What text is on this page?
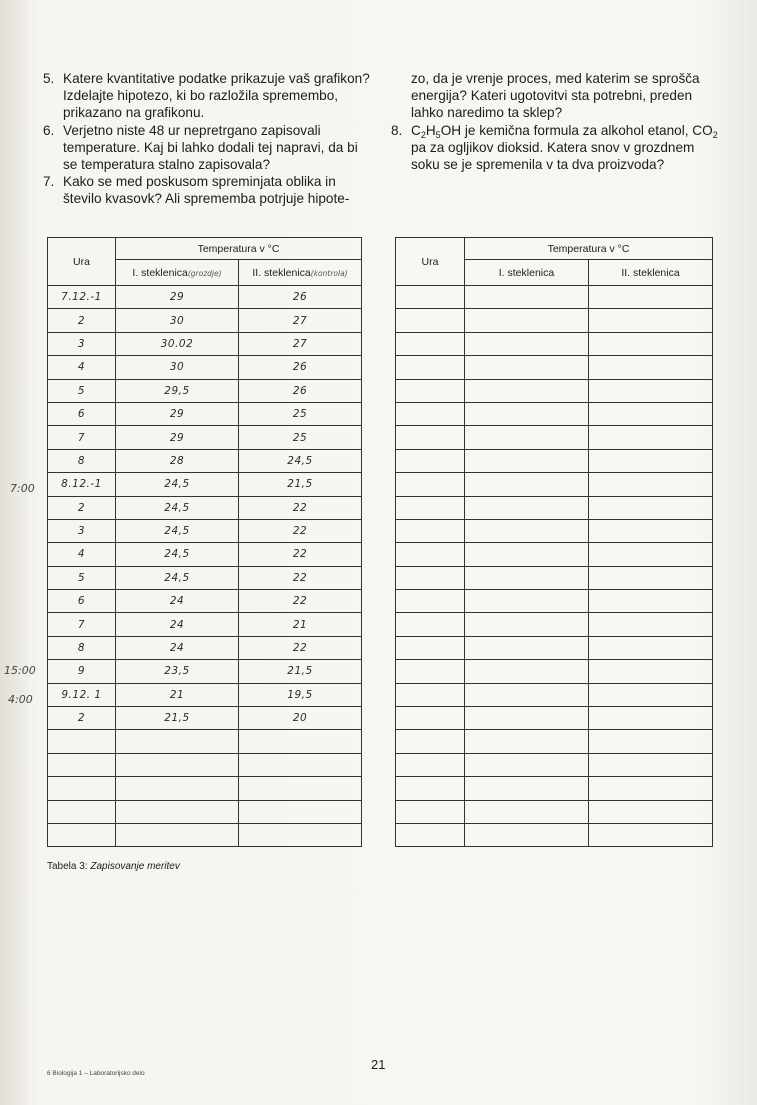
5. Katere kvantitative podatke prikazuje vaš grafikon? Izdelajte hipotezo, ki bo razložila spremembo, prikazano na grafikonu.

6. Verjetno niste 48 ur nepretrgano zapisovali temperature. Kaj bi lahko dodali tej napravi, da bi se temperatura stalno zapisovala?

7. Kako se med poskusom spreminjata oblika in število kvasovk? Ali sprememba potrjuje hipote-

zo, da je vrenje proces, med katerim se sprošča energija? Kateri ugotovitvi sta potrebni, preden lahko naredimo ta sklep?

8. $C_2H_5OH$ je kemična formula za alkohol etanol, $CO_2$ pa za ogljikov dioksid. Katera snov v grozdnem soku se je spremenila v ta dva proizvoda?

Ura	Temperatura v °C	
	I. steklenica(grozdje)	II. steklenica(kontrola)
7.12.-1	29	26
2	30	27
3	30.02	27
4	30	26
5	29,5	26
6	29	25
7	29	25
8	28	24,5
8.12.-1	24,5	21,5
2	24,5	22
3	24,5	22
4	24,5	22
5	24,5	22
6	24	22
7	24	21
8	24	22
9	23,5	21,5
9.12. 1	21	19,5
2	21,5	20

7:00
15:00
4:00
Ura	Temperatura v °C	
	I. steklenica	II. steklenica

Tabela 3: Zapisovanje meritev
21
6 Biologija 1 – Laboratorijsko delo
